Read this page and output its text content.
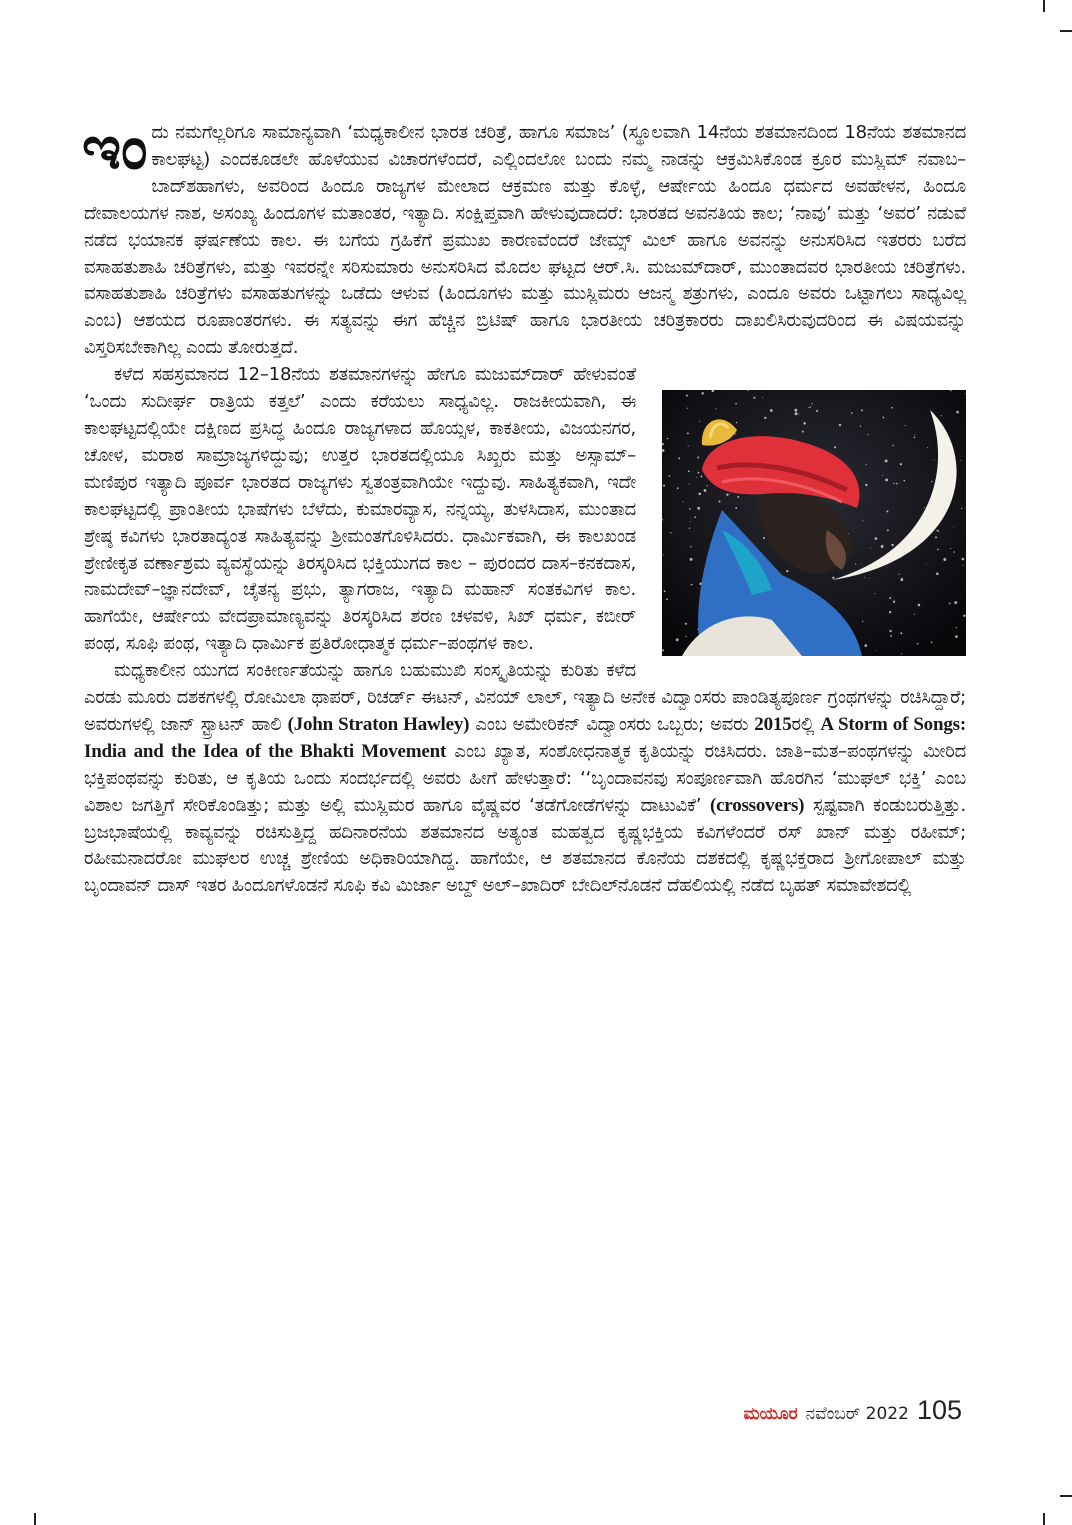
ಇಂದು ನಮಗೆಲ್ಲರಿಗೂ ಸಾಮಾನ್ಯವಾಗಿ ‘ಮಧ್ಯಕಾಲೀನ ಭಾರತ ಚರಿತ್ರೆ, ಹಾಗೂ ಸಮಾಜ’ (ಸ್ಥೂಲವಾಗಿ 14ನೆಯ ಶತಮಾನದಿಂದ 18ನೆಯ ಶತಮಾನದ ಕಾಲಘಟ್ಟ) ಎಂದಕೂಡಲೇ ಹೊಳೆಯುವ ವಿಚಾರಗಳೆಂದರೆ, ಎಲ್ಲಿಂದಲೋ ಬಂದು ನಮ್ಮ ನಾಡನ್ನು ಆಕ್ರಮಿಸಿಕೊಂಡ ಕ್ರೂರ ಮುಸ್ಲಿಮ್ ನವಾಬ–ಬಾದ್‍ಶಹಾಗಳು, ಅವರಿಂದ ಹಿಂದೂ ರಾಜ್ಯಗಳ ಮೇಲಾದ ಆಕ್ರಮಣ ಮತ್ತು ಕೊಳ್ಳೆ, ಆರ್ಷೇಯ ಹಿಂದೂ ಧರ್ಮದ ಅವಹೇಳನ, ಹಿಂದೂ ದೇವಾಲಯಗಳ ನಾಶ, ಅಸಂಖ್ಯ ಹಿಂದೂಗಳ ಮತಾಂತರ, ಇತ್ಯಾದಿ. ಸಂಕ್ಷಿಪ್ತವಾಗಿ ಹೇಳುವುದಾದರೆ: ಭಾರತದ ಅವನತಿಯ ಕಾಲ; ‘ನಾವು’ ಮತ್ತು ‘ಅವರ’ ನಡುವೆ ನಡೆದ ಭಯಾನಕ ಘರ್ಷಣೆಯ ಕಾಲ. ಈ ಬಗೆಯ ಗ್ರಹಿಕೆಗೆ ಪ್ರಮುಖ ಕಾರಣವೆಂದರೆ ಜೇಮ್ಸ್ ಮಿಲ್ ಹಾಗೂ ಅವನನ್ನು ಅನುಸರಿಸಿದ ಇತರರು ಬರೆದ ವಸಾಹತುಶಾಹಿ ಚರಿತ್ರೆಗಳು, ಮತ್ತು ಇವರನ್ನೇ ಸರಿಸುಮಾರು ಅನುಸರಿಸಿದ ಮೊದಲ ಘಟ್ಟದ ಆರ್.ಸಿ. ಮಜುಮ್‍ದಾರ್, ಮುಂತಾದವರ ಭಾರತೀಯ ಚರಿತ್ರೆಗಳು. ವಸಾಹತುಶಾಹಿ ಚರಿತ್ರೆಗಳು ವಸಾಹತುಗಳನ್ನು ಒಡೆದು ಆಳುವ (ಹಿಂದೂಗಳು ಮತ್ತು ಮುಸ್ಲಿಮರು ಆಜನ್ಮ ಶತ್ರುಗಳು, ಎಂದೂ ಅವರು ಒಟ್ಟಾಗಲು ಸಾಧ್ಯವಿಲ್ಲ ಎಂಬ) ಆಶಯದ ರೂಪಾಂತರಗಳು. ಈ ಸತ್ಯವನ್ನು ಈಗ ಹೆಚ್ಚಿನ ಬ್ರಿಟಿಷ್ ಹಾಗೂ ಭಾರತೀಯ ಚರಿತ್ರಕಾರರು ದಾಖಲಿಸಿರುವುದರಿಂದ ಈ ವಿಷಯವನ್ನು ವಿಸ್ತರಿಸಬೇಕಾಗಿಲ್ಲ ಎಂದು ತೋರುತ್ತದೆ.

ಕಳೆದ ಸಹಸ್ರಮಾನದ 12–18ನೆಯ ಶತಮಾನಗಳನ್ನು ಹೇಗೂ ಮಜುಮ್‍ದಾರ್ ಹೇಳುವಂತೆ ‘ಒಂದು ಸುದೀರ್ಘ ರಾತ್ರಿಯ ಕತ್ತಲೆ’ ಎಂದು ಕರೆಯಲು ಸಾಧ್ಯವಿಲ್ಲ. ರಾಜಕೀಯವಾಗಿ, ಈ ಕಾಲಘಟ್ಟದಲ್ಲಿಯೇ ದಕ್ಷಿಣದ ಪ್ರಸಿದ್ಧ ಹಿಂದೂ ರಾಜ್ಯಗಳಾದ ಹೊಯ್ಸಳ, ಕಾಕತೀಯ, ವಿಜಯನಗರ, ಚೋಳ, ಮರಾಠ ಸಾಮ್ರಾಜ್ಯಗಳಿದ್ದುವು; ಉತ್ತರ ಭಾರತದಲ್ಲಿಯೂ ಸಿಖ್ಖರು ಮತ್ತು ಅಸ್ಸಾಮ್–ಮಣಿಪುರ ಇತ್ಯಾದಿ ಪೂರ್ವ ಭಾರತದ ರಾಜ್ಯಗಳು ಸ್ವತಂತ್ರವಾಗಿಯೇ ಇದ್ದುವು. ಸಾಹಿತ್ಯಕವಾಗಿ, ಇದೇ ಕಾಲಘಟ್ಟದಲ್ಲಿ ಪ್ರಾಂತೀಯ ಭಾಷೆಗಳು ಬೆಳೆದು, ಕುಮಾರವ್ಯಾಸ, ನನ್ನಯ್ಯ, ತುಳಸಿದಾಸ, ಮುಂತಾದ ಶ್ರೇಷ್ಠ ಕವಿಗಳು ಭಾರತಾದ್ಯಂತ ಸಾಹಿತ್ಯವನ್ನು ಶ್ರೀಮಂತಗೊಳಿಸಿದರು. ಧಾರ್ಮಿಕವಾಗಿ, ಈ ಕಾಲಖಂಡ ಶ್ರೇಣೀಕೃತ ವರ್ಣಾಶ್ರಮ ವ್ಯವಸ್ಥೆಯನ್ನು ತಿರಸ್ಕರಿಸಿದ ಭಕ್ತಿಯುಗದ ಕಾಲ – ಪುರಂದರ ದಾಸ–ಕನಕದಾಸ, ನಾಮದೇವ್–ಜ್ಞಾನದೇವ್, ಚೈತನ್ಯ ಪ್ರಭು, ತ್ಯಾಗರಾಜ, ಇತ್ಯಾದಿ ಮಹಾನ್ ಸಂತಕವಿಗಳ ಕಾಲ. ಹಾಗೆಯೇ, ಆರ್ಷೇಯ ವೇದಪ್ರಾಮಾಣ್ಯವನ್ನು ತಿರಸ್ಕರಿಸಿದ ಶರಣ ಚಳವಳಿ, ಸಿಖ್ ಧರ್ಮ, ಕಬೀರ್ ಪಂಥ, ಸೂಫಿ ಪಂಥ, ಇತ್ಯಾದಿ ಧಾರ್ಮಿಕ ಪ್ರತಿರೋಧಾತ್ಮಕ ಧರ್ಮ–ಪಂಥಗಳ ಕಾಲ.

ಮಧ್ಯಕಾಲೀನ ಯುಗದ ಸಂಕೀರ್ಣತೆಯನ್ನು ಹಾಗೂ ಬಹುಮುಖಿ ಸಂಸ್ಕೃತಿಯನ್ನು ಕುರಿತು ಕಳೆದ ಎರಡು ಮೂರು ದಶಕಗಳಲ್ಲಿ ರೋಮಿಲಾ ಥಾಪರ್, ರಿಚರ್ಡ್ ಈಟನ್, ವಿನಯ್ ಲಾಲ್, ಇತ್ಯಾದಿ ಅನೇಕ ವಿದ್ವಾಂಸರು ಪಾಂಡಿತ್ಯಪೂರ್ಣ ಗ್ರಂಥಗಳನ್ನು ರಚಿಸಿದ್ದಾರೆ; ಅವರುಗಳಲ್ಲಿ ಜಾನ್ ಸ್ಟ್ರಾಟನ್ ಹಾಲಿ (John Straton Hawley) ಎಂಬ ಅಮೇರಿಕನ್ ವಿದ್ವಾಂಸರು ಒಬ್ಬರು; ಅವರು 2015ರಲ್ಲಿ A Storm of Songs: India and the Idea of the Bhakti Movement ಎಂಬ ಖ್ಯಾತ, ಸಂಶೋಧನಾತ್ಮಕ ಕೃತಿಯನ್ನು ರಚಿಸಿದರು. ಜಾತಿ–ಮತ–ಪಂಥಗಳನ್ನು ಮೀರಿದ ಭಕ್ತಿಪಂಥವನ್ನು ಕುರಿತು, ಆ ಕೃತಿಯ ಒಂದು ಸಂದರ್ಭದಲ್ಲಿ ಅವರು ಹೀಗೆ ಹೇಳುತ್ತಾರೆ: ‘‘ಬೃಂದಾವನವು ಸಂಪೂರ್ಣವಾಗಿ ಹೊರಗಿನ ‘ಮುಘಲ್ ಭಕ್ತಿ’ ಎಂಬ ವಿಶಾಲ ಜಗತ್ತಿಗೆ ಸೇರಿಕೊಂಡಿತ್ತು; ಮತ್ತು ಅಲ್ಲಿ ಮುಸ್ಲಿಮರ ಹಾಗೂ ವೈಷ್ಣವರ ‘ತಡೆಗೋಡೆಗಳನ್ನು ದಾಟುವಿಕೆ’ (crossovers) ಸ್ಪಷ್ಟವಾಗಿ ಕಂಡುಬರುತ್ತಿತ್ತು. ಬ್ರಜಭಾಷೆಯಲ್ಲಿ ಕಾವ್ಯವನ್ನು ರಚಿಸುತ್ತಿದ್ದ ಹದಿನಾರನೆಯ ಶತಮಾನದ ಅತ್ಯಂತ ಮಹತ್ವದ ಕೃಷ್ಣಭಕ್ತಿಯ ಕವಿಗಳೆಂದರೆ ರಸ್ ಖಾನ್ ಮತ್ತು ರಹೀಮ್; ರಹೀಮನಾದರೋ ಮುಘಲರ ಉಚ್ಚ ಶ್ರೇಣಿಯ ಅಧಿಕಾರಿಯಾಗಿದ್ದ. ಹಾಗೆಯೇ, ಆ ಶತಮಾನದ ಕೊನೆಯ ದಶಕದಲ್ಲಿ ಕೃಷ್ಣಭಕ್ತರಾದ ಶ್ರೀಗೋಪಾಲ್ ಮತ್ತು ಬೃಂದಾವನ್ ದಾಸ್ ಇತರ ಹಿಂದೂಗಳೊಡನೆ ಸೂಫಿ ಕವಿ ಮಿರ್ಜಾ ಅಬ್ದ್ ಅಲ್–ಖಾದಿರ್ ಬೇದಿಲ್‍ನೊಡನೆ ದೆಹಲಿಯಲ್ಲಿ ನಡೆದ ಬೃಹತ್ ಸಮಾವೇಶದಲ್ಲಿ

ಮಯೂರ ನವೆಂಬರ್ 2022 105
